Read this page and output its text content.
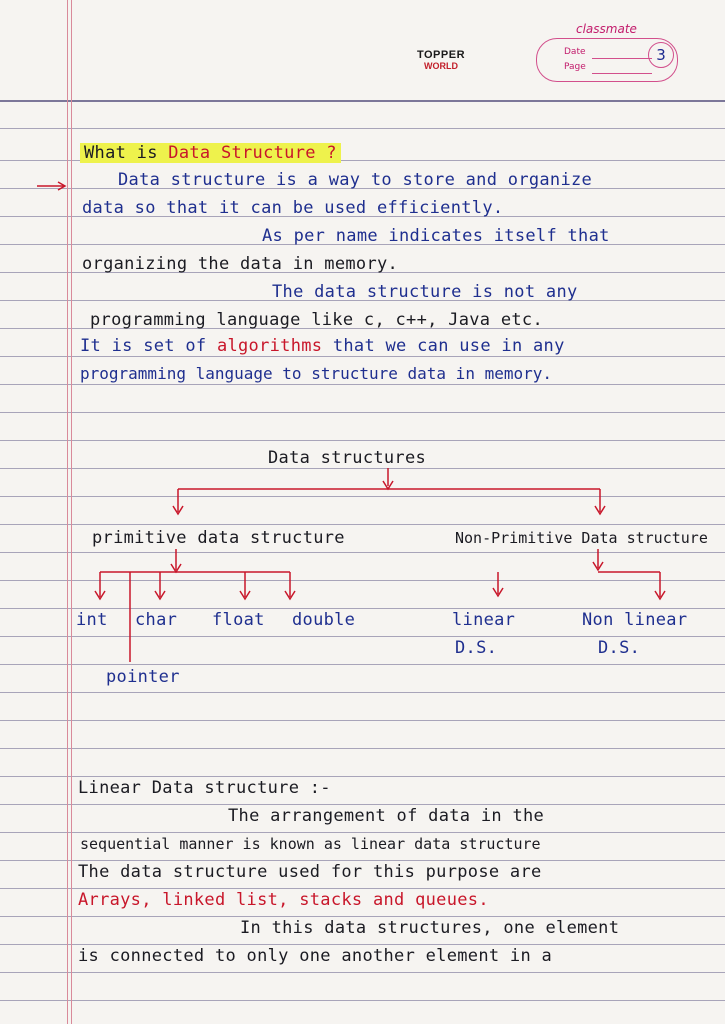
TOPPER
WORLD
classmate
Date
Page
3
What is Data Structure ?
Data structure is a way to store and organize
data so that it can be used efficiently.
As per name indicates itself that
organizing the data in memory.
The data structure is not any
programming language like c, c++, Java etc.
It is set of algorithms that we can use in any
programming language to structure data in memory.
Data structures
primitive data structure	Non-Primitive Data structure
int char float double
pointer
linear
D.S.
Non linear
D.S.
Linear Data structure :-
The arrangement of data in the
sequential manner is known as linear data structure
The data structure used for this purpose are
Arrays, linked list, stacks and queues.
In this data structures, one element
is connected to only one another element in a
